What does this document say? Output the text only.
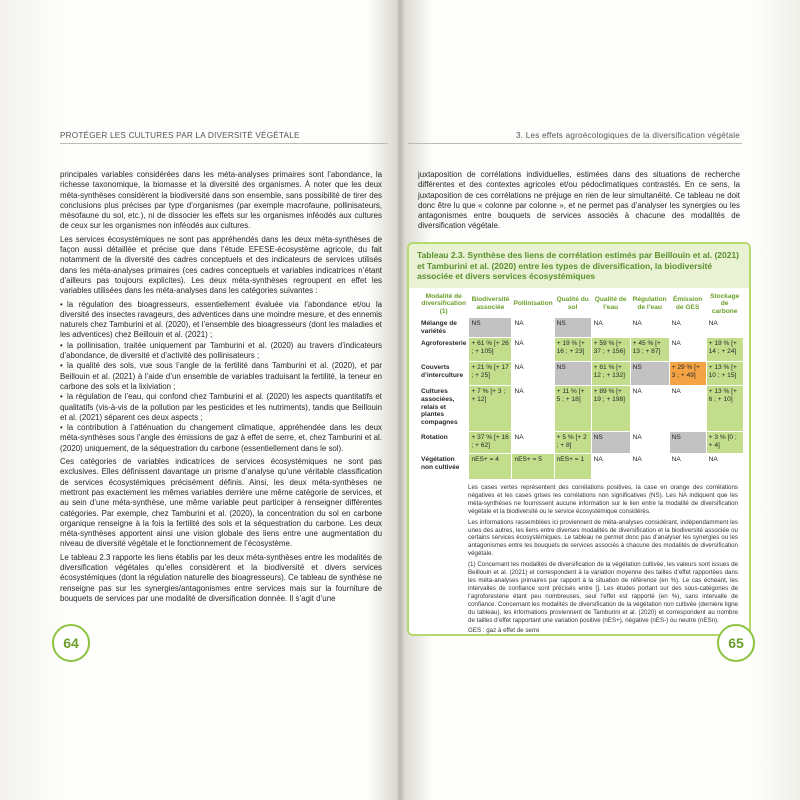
PROTÉGER LES CULTURES PAR LA DIVERSITÉ VÉGÉTALE

principales variables considérées dans les méta-analyses primaires sont l’abondance, la richesse taxonomique, la biomasse et la diversité des organismes. À noter que les deux méta-synthèses considèrent la biodiversité dans son ensemble, sans possibilité de tirer des conclusions plus précises par type d’organismes (par exemple macrofaune, pollinisateurs, mésofaune du sol, etc.), ni de dissocier les effets sur les organismes inféodés aux cultures de ceux sur les organismes non inféodés aux cultures.

Les services écosystémiques ne sont pas appréhendés dans les deux méta-synthèses de façon aussi détaillée et précise que dans l’étude EFESE-écosystème agricole, du fait notamment de la diversité des cadres conceptuels et des indicateurs de services utilisés dans les méta-analyses primaires (ces cadres conceptuels et variables indicatrices n’étant d’ailleurs pas toujours explicites). Les deux méta-synthèses regroupent en effet les variables utilisées dans les méta-analyses dans les catégories suivantes :

• la régulation des bioagresseurs, essentiellement évaluée via l’abondance et/ou la diversité des insectes ravageurs, des adventices dans une moindre mesure, et des ennemis naturels chez Tamburini et al. (2020), et l’ensemble des bioagresseurs (dont les maladies et les adventices) chez Beillouin et al. (2021) ;

• la pollinisation, traitée uniquement par Tamburini et al. (2020) au travers d’indicateurs d’abondance, de diversité et d’activité des pollinisateurs ;

• la qualité des sols, vue sous l’angle de la fertilité dans Tamburini et al. (2020), et par Beillouin et al. (2021) à l’aide d’un ensemble de variables traduisant la fertilité, la teneur en carbone des sols et la lixiviation ;

• la régulation de l’eau, qui confond chez Tamburini et al. (2020) les aspects quantitatifs et qualitatifs (vis-à-vis de la pollution par les pesticides et les nutriments), tandis que Beillouin et al. (2021) séparent ces deux aspects ;

• la contribution à l’atténuation du changement climatique, appréhendée dans les deux méta-synthèses sous l’angle des émissions de gaz à effet de serre, et, chez Tamburini et al. (2020) uniquement, de la séquestration du carbone (essentiellement dans le sol).

Ces catégories de variables indicatrices de services écosystémiques ne sont pas exclusives. Elles définissent davantage un prisme d’analyse qu’une véritable classification de services écosystémiques précisément définis. Ainsi, les deux méta-synthèses ne mettront pas exactement les mêmes variables derrière une même catégorie de services, et au sein d’une méta-synthèse, une même variable peut participer à renseigner différentes catégories. Par exemple, chez Tamburini et al. (2020), la concentration du sol en carbone organique renseigne à la fois la fertilité des sols et la séquestration du carbone. Les deux méta-synthèses apportent ainsi une vision globale des liens entre une augmentation du niveau de diversité végétale et le fonctionnement de l’écosystème.

Le tableau 2.3 rapporte les liens établis par les deux méta-synthèses entre les modalités de diversification végétales qu’elles considèrent et la biodiversité et divers services écosystémiques (dont la régulation naturelle des bioagresseurs). Ce tableau de synthèse ne renseigne pas sur les synergies/antagonismes entre services mais sur la fourniture de bouquets de services par une modalité de diversification donnée. Il s’agit d’une

64
3. Les effets agroécologiques de la diversification végétale

juxtaposition de corrélations individuelles, estimées dans des situations de recherche différentes et des contextes agricoles et/ou pédoclimatiques contrastés. En ce sens, la juxtaposition de ces corrélations ne préjuge en rien de leur simultanéité. Ce tableau ne doit donc être lu que « colonne par colonne », et ne permet pas d’analyser les synergies ou les antagonismes entre bouquets de services associés à chacune des modalités de diversification végétale.

Tableau 2.3. Synthèse des liens de corrélation estimés par Beillouin et al. (2021) et Tamburini et al. (2020) entre les types de diversification, la biodiversité associée et divers services écosystémiques
Modalité de diversification (1)	Biodiversité associée	Pollinisation	Qualité du sol	Qualité de l’eau	Régulation de l’eau	Émission de GES	Stockage de carbone
Mélange de variétés	NS	NA	NS	NA	NA	NA	NA
Agroforesterie	+ 61 % [+ 26 ; + 105]	NA	+ 19 % [+ 16 ; + 23]	+ 59 % [+ 37 ; + 156]	+ 45 % [+ 13 ; + 87]	NA	+ 19 % [+ 14 ; + 24]
Couverts d’interculture	+ 21 % [+ 17 ; + 25]	NA	NS	+ 61 % [+ 12 ; + 132]	NS	+ 29 % [+ 3 ; + 49]	+ 13 % [+ 10 ; + 15]
Cultures associées, relais et plantes compagnes	+ 7 % [+ 3 ; + 12]	NA	+ 11 % [+ 5 ; + 18]	+ 89 % [+ 19 ; + 198]	NA	NA	+ 13 % [+ 6 ; + 10]
Rotation	+ 37 % [+ 16 ; + 62]	NA	+ 5 % [+ 2 ; + 8]	NS	NA	NS	+ 3 % [0 ; + 4]
Végétation non cultivée	nES+ = 4	nES+ = 5	nES+ = 1	NA	NA	NA	NA

Les cases vertes représentent des corrélations positives, la case en orange des corrélations négatives et les cases grises les corrélations non significatives (NS). Les NA indiquent que les méta-synthèses ne fournissent aucune information sur le lien entre la modalité de diversification végétale et la biodiversité ou le service écosystémique considérés.

Les informations rassemblées ici proviennent de méta-analyses considérant, indépendamment les unes des autres, les liens entre diverses modalités de diversification et la biodiversité associée ou certains services écosystémiques. Le tableau ne permet donc pas d’analyser les synergies ou les antagonismes entre les bouquets de services associés à chacune des modalités de diversification végétale.

(1) Concernant les modalités de diversification de la végétation cultivée, les valeurs sont issues de Beillouin et al. (2021) et correspondent à la variation moyenne des tailles d’effet rapportées dans les méta-analyses primaires par rapport à la situation de référence (en %). Le cas échéant, les intervalles de confiance sont précisés entre []. Les études portant sur des sous-catégories de l’agroforesterie étant peu nombreuses, seul l’effet est rapporté (en %), sans intervalle de confiance. Concernant les modalités de diversification de la végétation non cultivée (dernière ligne du tableau), les informations proviennent de Tamburini et al. (2020) et correspondent au nombre de tailles d’effet rapportant une variation positive (nES+), négative (nES-) ou neutre (nESn).

GES : gaz à effet de serre

65
